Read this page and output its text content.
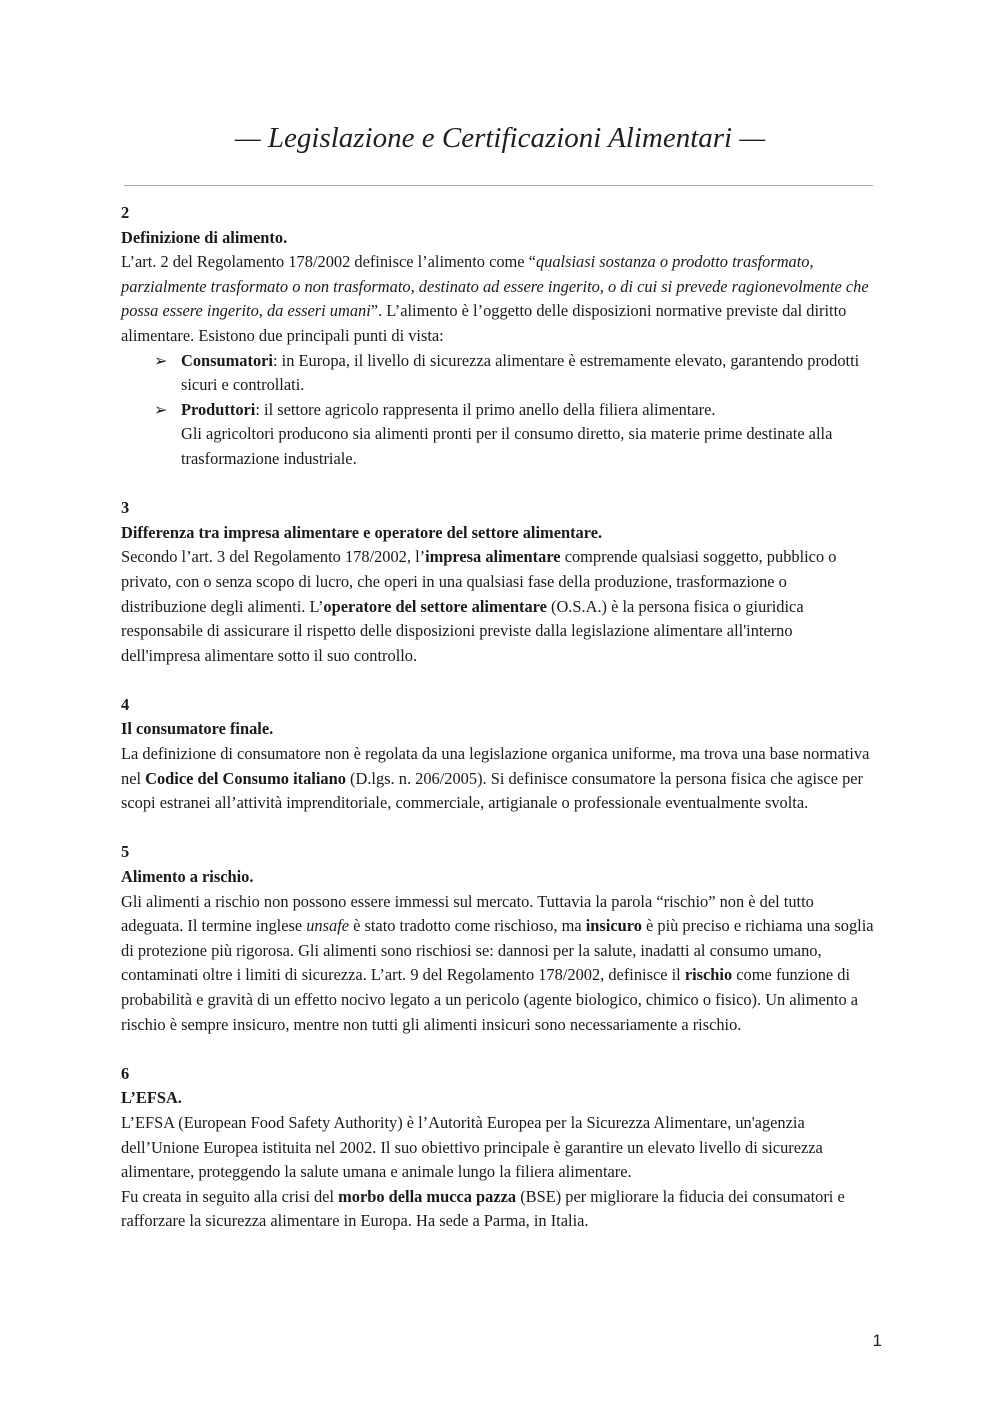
— Legislazione e Certificazioni Alimentari —
2
Definizione di alimento.

L’art. 2 del Regolamento 178/2002 definisce l’alimento come “qualsiasi sostanza o prodotto trasformato, parzialmente trasformato o non trasformato, destinato ad essere ingerito, o di cui si prevede ragionevolmente che possa essere ingerito, da esseri umani”. L’alimento è l’oggetto delle disposizioni normative previste dal diritto alimentare. Esistono due principali punti di vista:

➢ Consumatori: in Europa, il livello di sicurezza alimentare è estremamente elevato, garantendo prodotti sicuri e controllati.
➢ Produttori: il settore agricolo rappresenta il primo anello della filiera alimentare.
Gli agricoltori producono sia alimenti pronti per il consumo diretto, sia materie prime destinate alla trasformazione industriale.
3
Differenza tra impresa alimentare e operatore del settore alimentare.

Secondo l’art. 3 del Regolamento 178/2002, l’impresa alimentare comprende qualsiasi soggetto, pubblico o privato, con o senza scopo di lucro, che operi in una qualsiasi fase della produzione, trasformazione o distribuzione degli alimenti. L’operatore del settore alimentare (O.S.A.) è la persona fisica o giuridica responsabile di assicurare il rispetto delle disposizioni previste dalla legislazione alimentare all'interno dell'impresa alimentare sotto il suo controllo.

4
Il consumatore finale.

La definizione di consumatore non è regolata da una legislazione organica uniforme, ma trova una base normativa nel Codice del Consumo italiano (D.lgs. n. 206/2005). Si definisce consumatore la persona fisica che agisce per scopi estranei all’attività imprenditoriale, commerciale, artigianale o professionale eventualmente svolta.

5
Alimento a rischio.

Gli alimenti a rischio non possono essere immessi sul mercato. Tuttavia la parola “rischio” non è del tutto adeguata. Il termine inglese unsafe è stato tradotto come rischioso, ma insicuro è più preciso e richiama una soglia di protezione più rigorosa. Gli alimenti sono rischiosi se: dannosi per la salute, inadatti al consumo umano, contaminati oltre i limiti di sicurezza. L’art. 9 del Regolamento 178/2002, definisce il rischio come funzione di probabilità e gravità di un effetto nocivo legato a un pericolo (agente biologico, chimico o fisico). Un alimento a rischio è sempre insicuro, mentre non tutti gli alimenti insicuri sono necessariamente a rischio.

6
L’EFSA.

L’EFSA (European Food Safety Authority) è l’Autorità Europea per la Sicurezza Alimentare, un'agenzia dell’Unione Europea istituita nel 2002. Il suo obiettivo principale è garantire un elevato livello di sicurezza alimentare, proteggendo la salute umana e animale lungo la filiera alimentare.
Fu creata in seguito alla crisi del morbo della mucca pazza (BSE) per migliorare la fiducia dei consumatori e rafforzare la sicurezza alimentare in Europa. Ha sede a Parma, in Italia.

1
